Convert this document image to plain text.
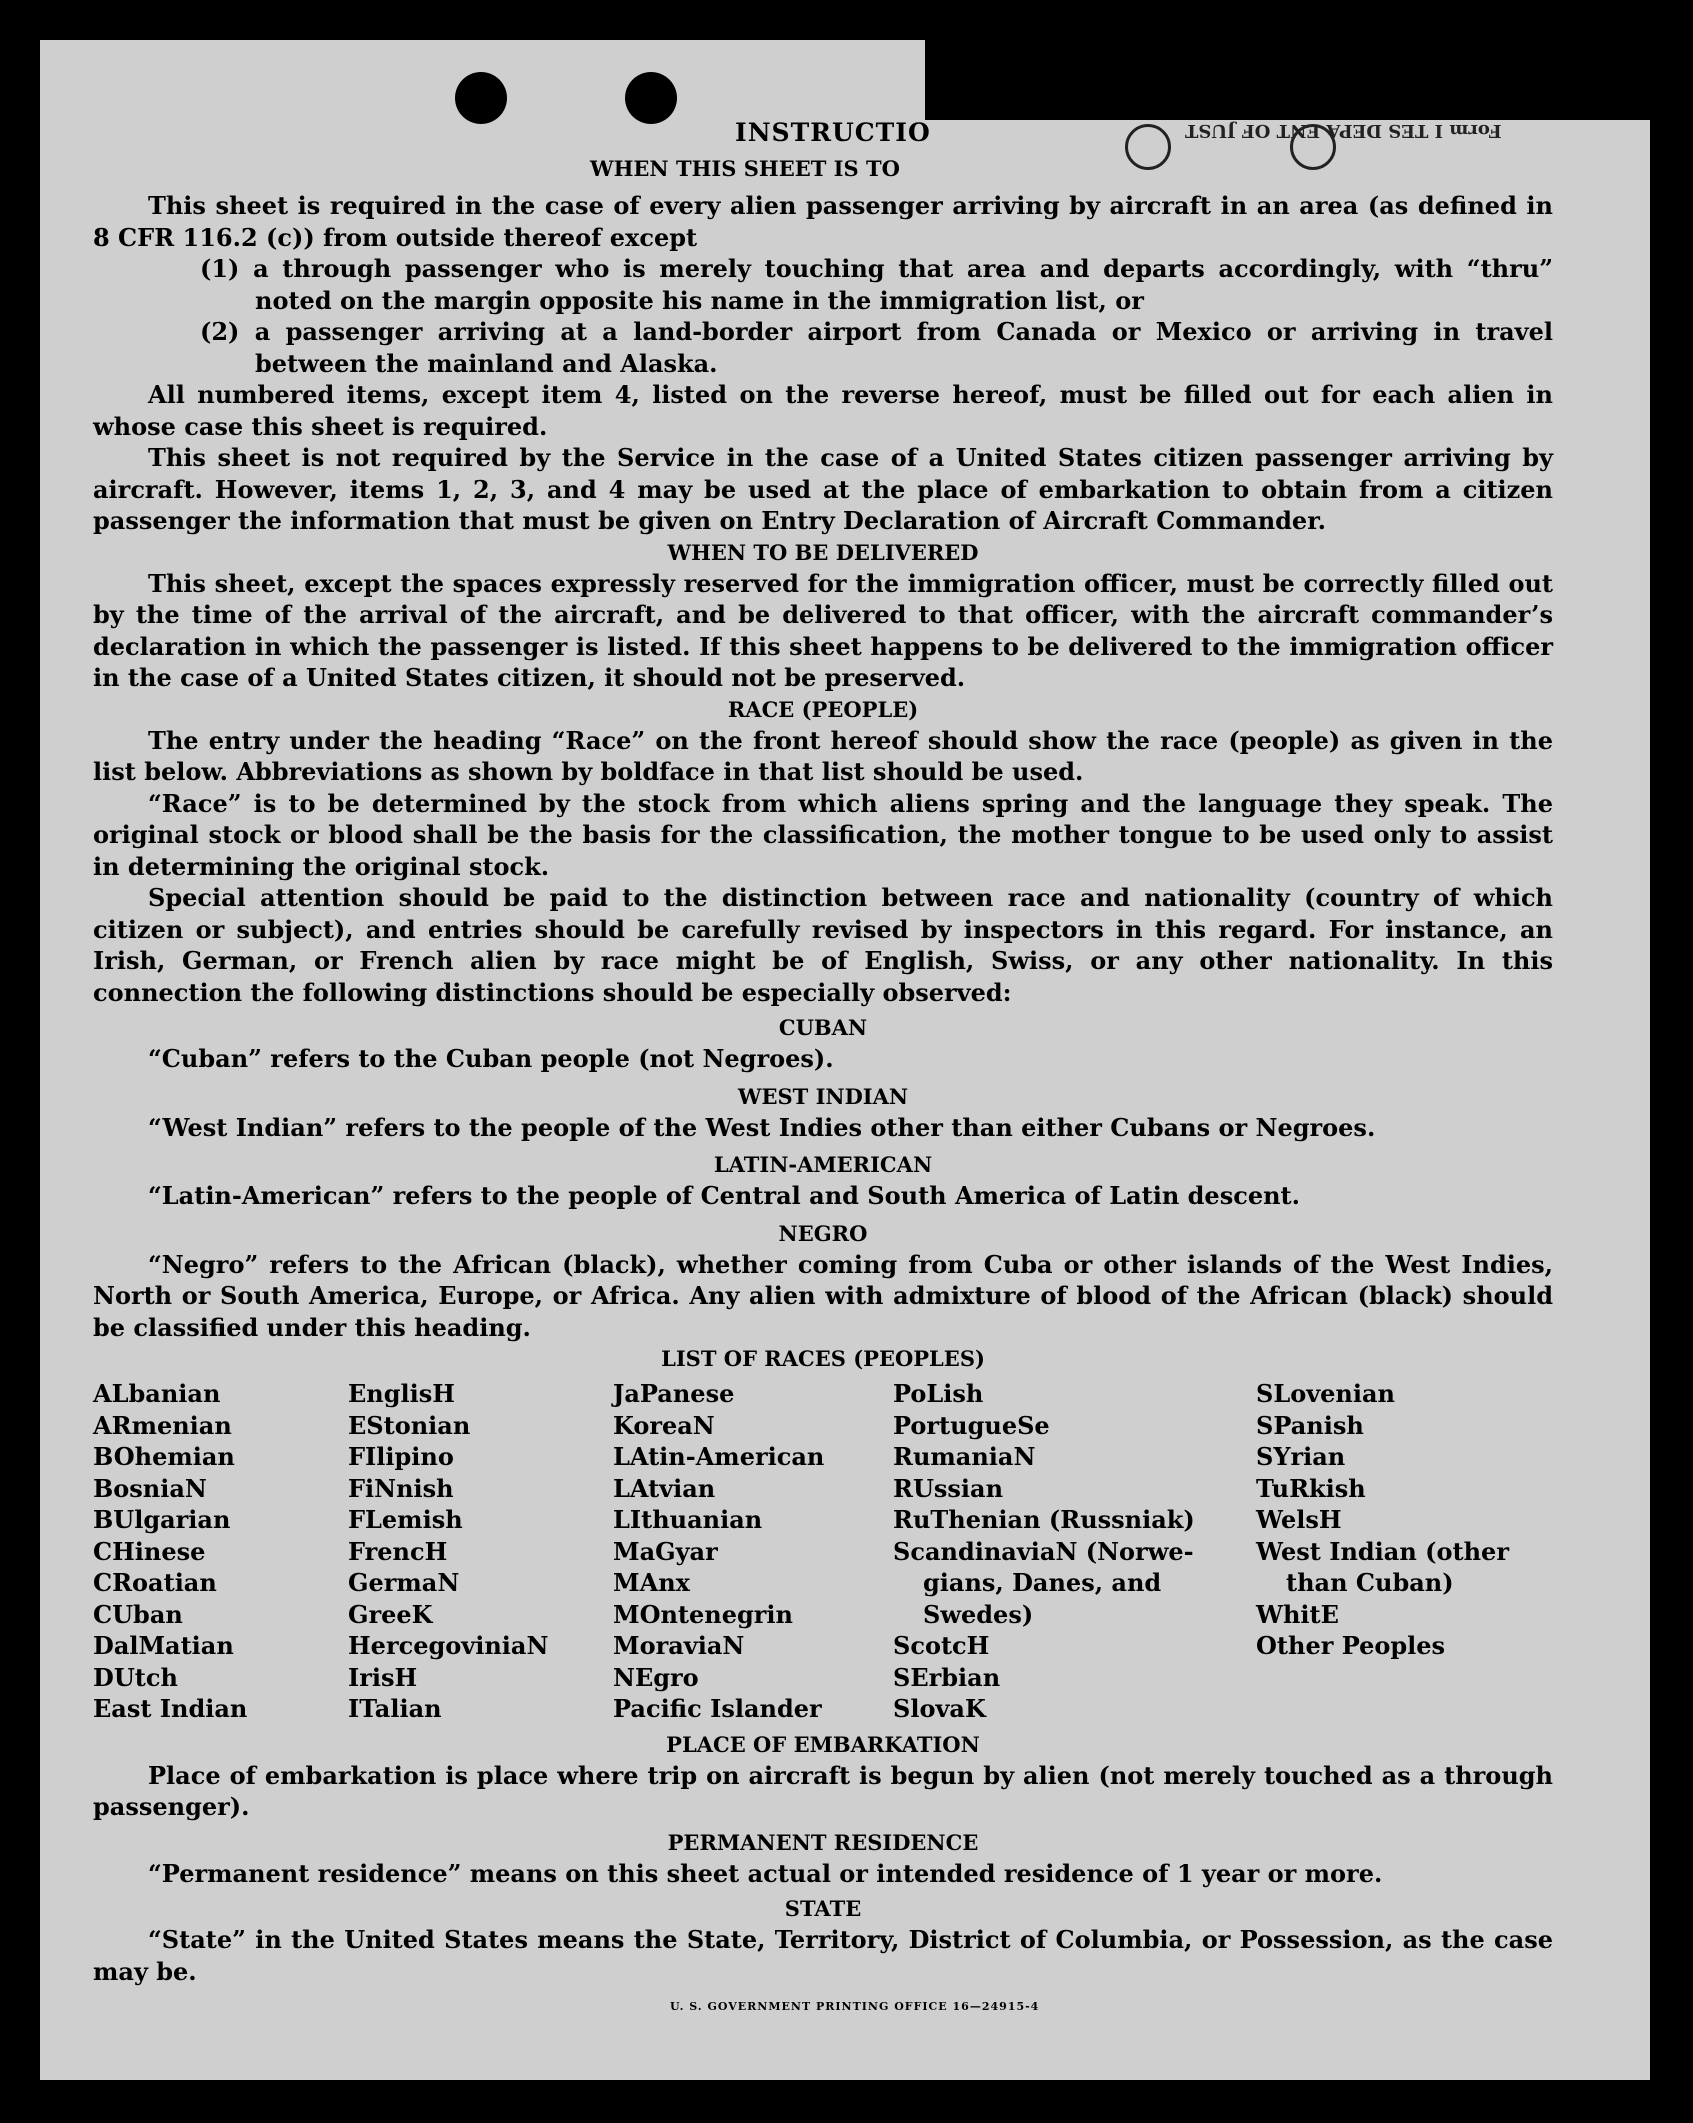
INSTRUCTIO
WHEN THIS SHEET IS TO
Form I TES DEPA ENT OF JUST

This sheet is required in the case of every alien passenger arriving by aircraft in an area (as defined in 8 CFR 116.2 (c)) from outside thereof except

(1) a through passenger who is merely touching that area and departs accordingly, with “thru” noted on the margin opposite his name in the immigration list, or

(2) a passenger arriving at a land-border airport from Canada or Mexico or arriving in travel between the mainland and Alaska.

All numbered items, except item 4, listed on the reverse hereof, must be filled out for each alien in whose case this sheet is required.

This sheet is not required by the Service in the case of a United States citizen passenger arriving by aircraft. However, items 1, 2, 3, and 4 may be used at the place of embarkation to obtain from a citizen passenger the information that must be given on Entry Declaration of Aircraft Commander.

WHEN TO BE DELIVERED

This sheet, except the spaces expressly reserved for the immigration officer, must be correctly filled out by the time of the arrival of the aircraft, and be delivered to that officer, with the aircraft commander’s declaration in which the passenger is listed. If this sheet happens to be delivered to the immigration officer in the case of a United States citizen, it should not be preserved.

RACE (PEOPLE)

The entry under the heading “Race” on the front hereof should show the race (people) as given in the list below. Abbreviations as shown by boldface in that list should be used.

“Race” is to be determined by the stock from which aliens spring and the language they speak. The original stock or blood shall be the basis for the classification, the mother tongue to be used only to assist in determining the original stock.

Special attention should be paid to the distinction between race and nationality (country of which citizen or subject), and entries should be carefully revised by inspectors in this regard. For instance, an Irish, German, or French alien by race might be of English, Swiss, or any other nationality. In this connection the following distinctions should be especially observed:

CUBAN

“Cuban” refers to the Cuban people (not Negroes).

WEST INDIAN

“West Indian” refers to the people of the West Indies other than either Cubans or Negroes.

LATIN-AMERICAN

“Latin-American” refers to the people of Central and South America of Latin descent.

NEGRO

“Negro” refers to the African (black), whether coming from Cuba or other islands of the West Indies, North or South America, Europe, or Africa. Any alien with admixture of blood of the African (black) should be classified under this heading.

LIST OF RACES (PEOPLES)

ALbanian
ARmenian
BOhemian
BosniaN
BUlgarian
CHinese
CRoatian
CUban
DalMatian
DUtch
East Indian
EnglisH
EStonian
FIlipino
FiNnish
FLemish
FrencH
GermaN
GreeK
HercegoviniaN
IrisH
ITalian
JaPanese
KoreaN
LAtin-American
LAtvian
LIthuanian
MaGyar
MAnx
MOntenegrin
MoraviaN
NEgro
Pacific Islander
PoLish
PortugueSe
RumaniaN
RUssian
RuThenian (Russniak)
ScandinaviaN (Norwe-
gians, Danes, and
Swedes)
ScotcH
SErbian
SlovaK
SLovenian
SPanish
SYrian
TuRkish
WelsH
West Indian (other
than Cuban)
WhitE
Other Peoples

PLACE OF EMBARKATION

Place of embarkation is place where trip on aircraft is begun by alien (not merely touched as a through passenger).

PERMANENT RESIDENCE

“Permanent residence” means on this sheet actual or intended residence of 1 year or more.

STATE

“State” in the United States means the State, Territory, District of Columbia, or Possession, as the case may be.

U. S. GOVERNMENT PRINTING OFFICE 16—24915-4
